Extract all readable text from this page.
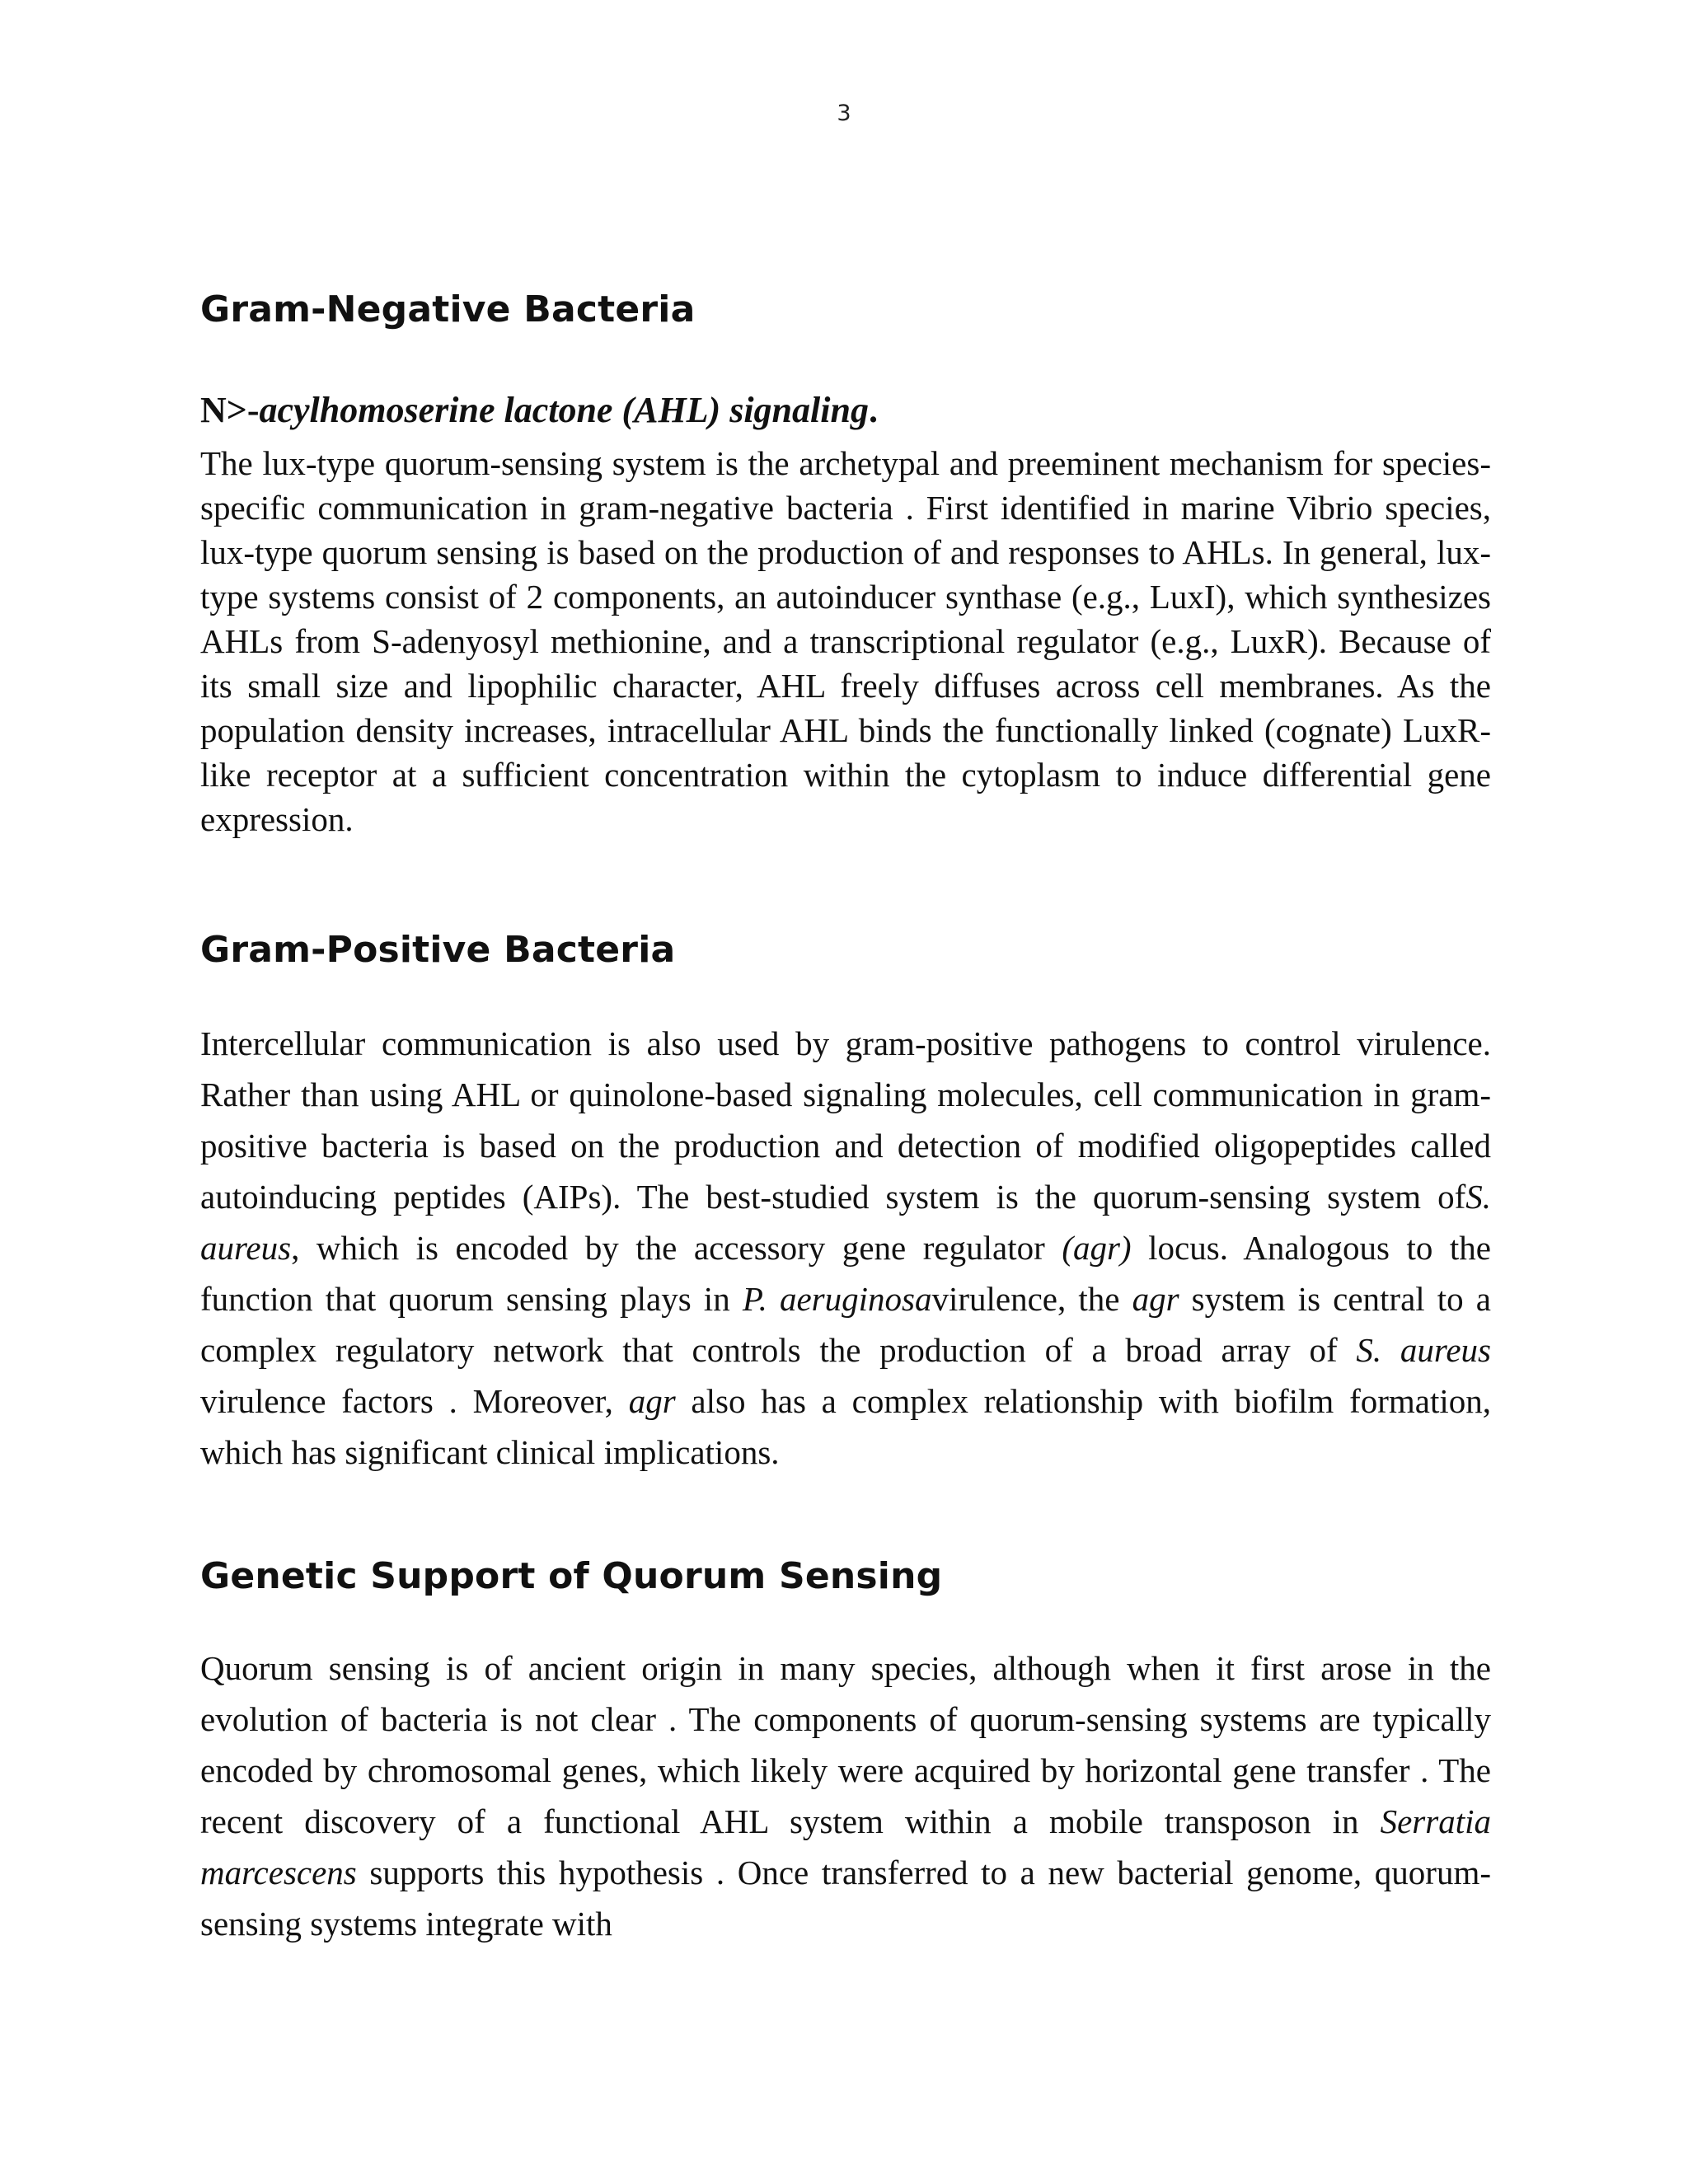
3
Gram-Negative Bacteria
N>-acylhomoserine lactone (AHL) signaling.

The lux-type quorum-sensing system is the archetypal and preeminent mechanism for species-specific communication in gram-negative bacteria . First identified in marine Vibrio species, lux-type quorum sensing is based on the production of and responses to AHLs. In general, lux-type systems consist of 2 components, an autoinducer synthase (e.g., LuxI), which synthesizes AHLs from S-adenyosyl methionine, and a transcriptional regulator (e.g., LuxR). Because of its small size and lipophilic character, AHL freely diffuses across cell membranes. As the population density increases, intracellular AHL binds the functionally linked (cognate) LuxR-like receptor at a sufficient concentration within the cytoplasm to induce differential gene expression.

Gram-Positive Bacteria

Intercellular communication is also used by gram-positive pathogens to control virulence. Rather than using AHL or quinolone-based signaling molecules, cell communication in gram-positive bacteria is based on the production and detection of modified oligopeptides called autoinducing peptides (AIPs). The best-studied system is the quorum-sensing system ofS. aureus, which is encoded by the accessory gene regulator (agr) locus. Analogous to the function that quorum sensing plays in P. aeruginosavirulence, the agr system is central to a complex regulatory network that controls the production of a broad array of S. aureus virulence factors . Moreover, agr also has a complex relationship with biofilm formation, which has significant clinical implications.

Genetic Support of Quorum Sensing

Quorum sensing is of ancient origin in many species, although when it first arose in the evolution of bacteria is not clear . The components of quorum-sensing systems are typically encoded by chromosomal genes, which likely were acquired by horizontal gene transfer . The recent discovery of a functional AHL system within a mobile transposon in Serratia marcescens supports this hypothesis . Once transferred to a new bacterial genome, quorum-sensing systems integrate with
